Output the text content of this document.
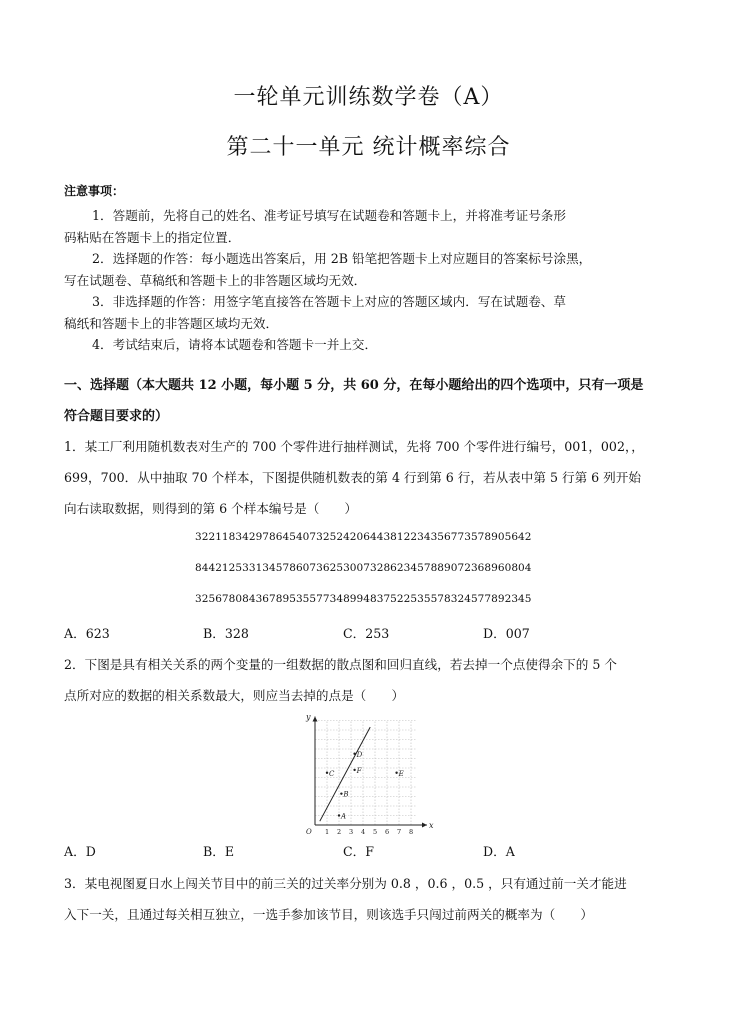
一轮单元训练数学卷（A）
第二十一单元 统计概率综合
注意事项：
1．答题前，先将自己的姓名、准考证号填写在试题卷和答题卡上，并将准考证号条形
码粘贴在答题卡上的指定位置．
2．选择题的作答：每小题选出答案后，用 2B 铅笔把答题卡上对应题目的答案标号涂黑，
写在试题卷、草稿纸和答题卡上的非答题区域均无效．
3．非选择题的作答：用签字笔直接答在答题卡上对应的答题区域内．写在试题卷、草
稿纸和答题卡上的非答题区域均无效．
4．考试结束后，请将本试题卷和答题卡一并上交．
一、选择题（本大题共 12 小题，每小题 5 分，共 60 分，在每小题给出的四个选项中，只有一项是
符合题目要求的）
1．某工厂利用随机数表对生产的 700 个零件进行抽样测试，先将 700 个零件进行编号，001，002，，
699，700．从中抽取 70 个样本，下图提供随机数表的第 4 行到第 6 行，若从表中第 5 行第 6 列开始
向右读取数据，则得到的第 6 个样本编号是（　　）
32211834297864540732524206443812234356773578905642
84421253313457860736253007328623457889072368960804
32567808436789535577348994837522535578324577892345
A．623	B．328	C．253	D．007
2．下图是具有相关关系的两个变量的一组数据的散点图和回归直线，若去掉一个点使得余下的 5 个
点所对应的数据的相关系数最大，则应当去掉的点是（　　）
x
y
O 1 2 3 4 5 6 7 8
A
B
C	F
D
E
A．D	B．E	C．F	D．A
3．某电视图夏日水上闯关节目中的前三关的过关率分别为 0.8 ，0.6 ，0.5 ，只有通过前一关才能进
入下一关，且通过每关相互独立，一选手参加该节目，则该选手只闯过前两关的概率为（　　）
